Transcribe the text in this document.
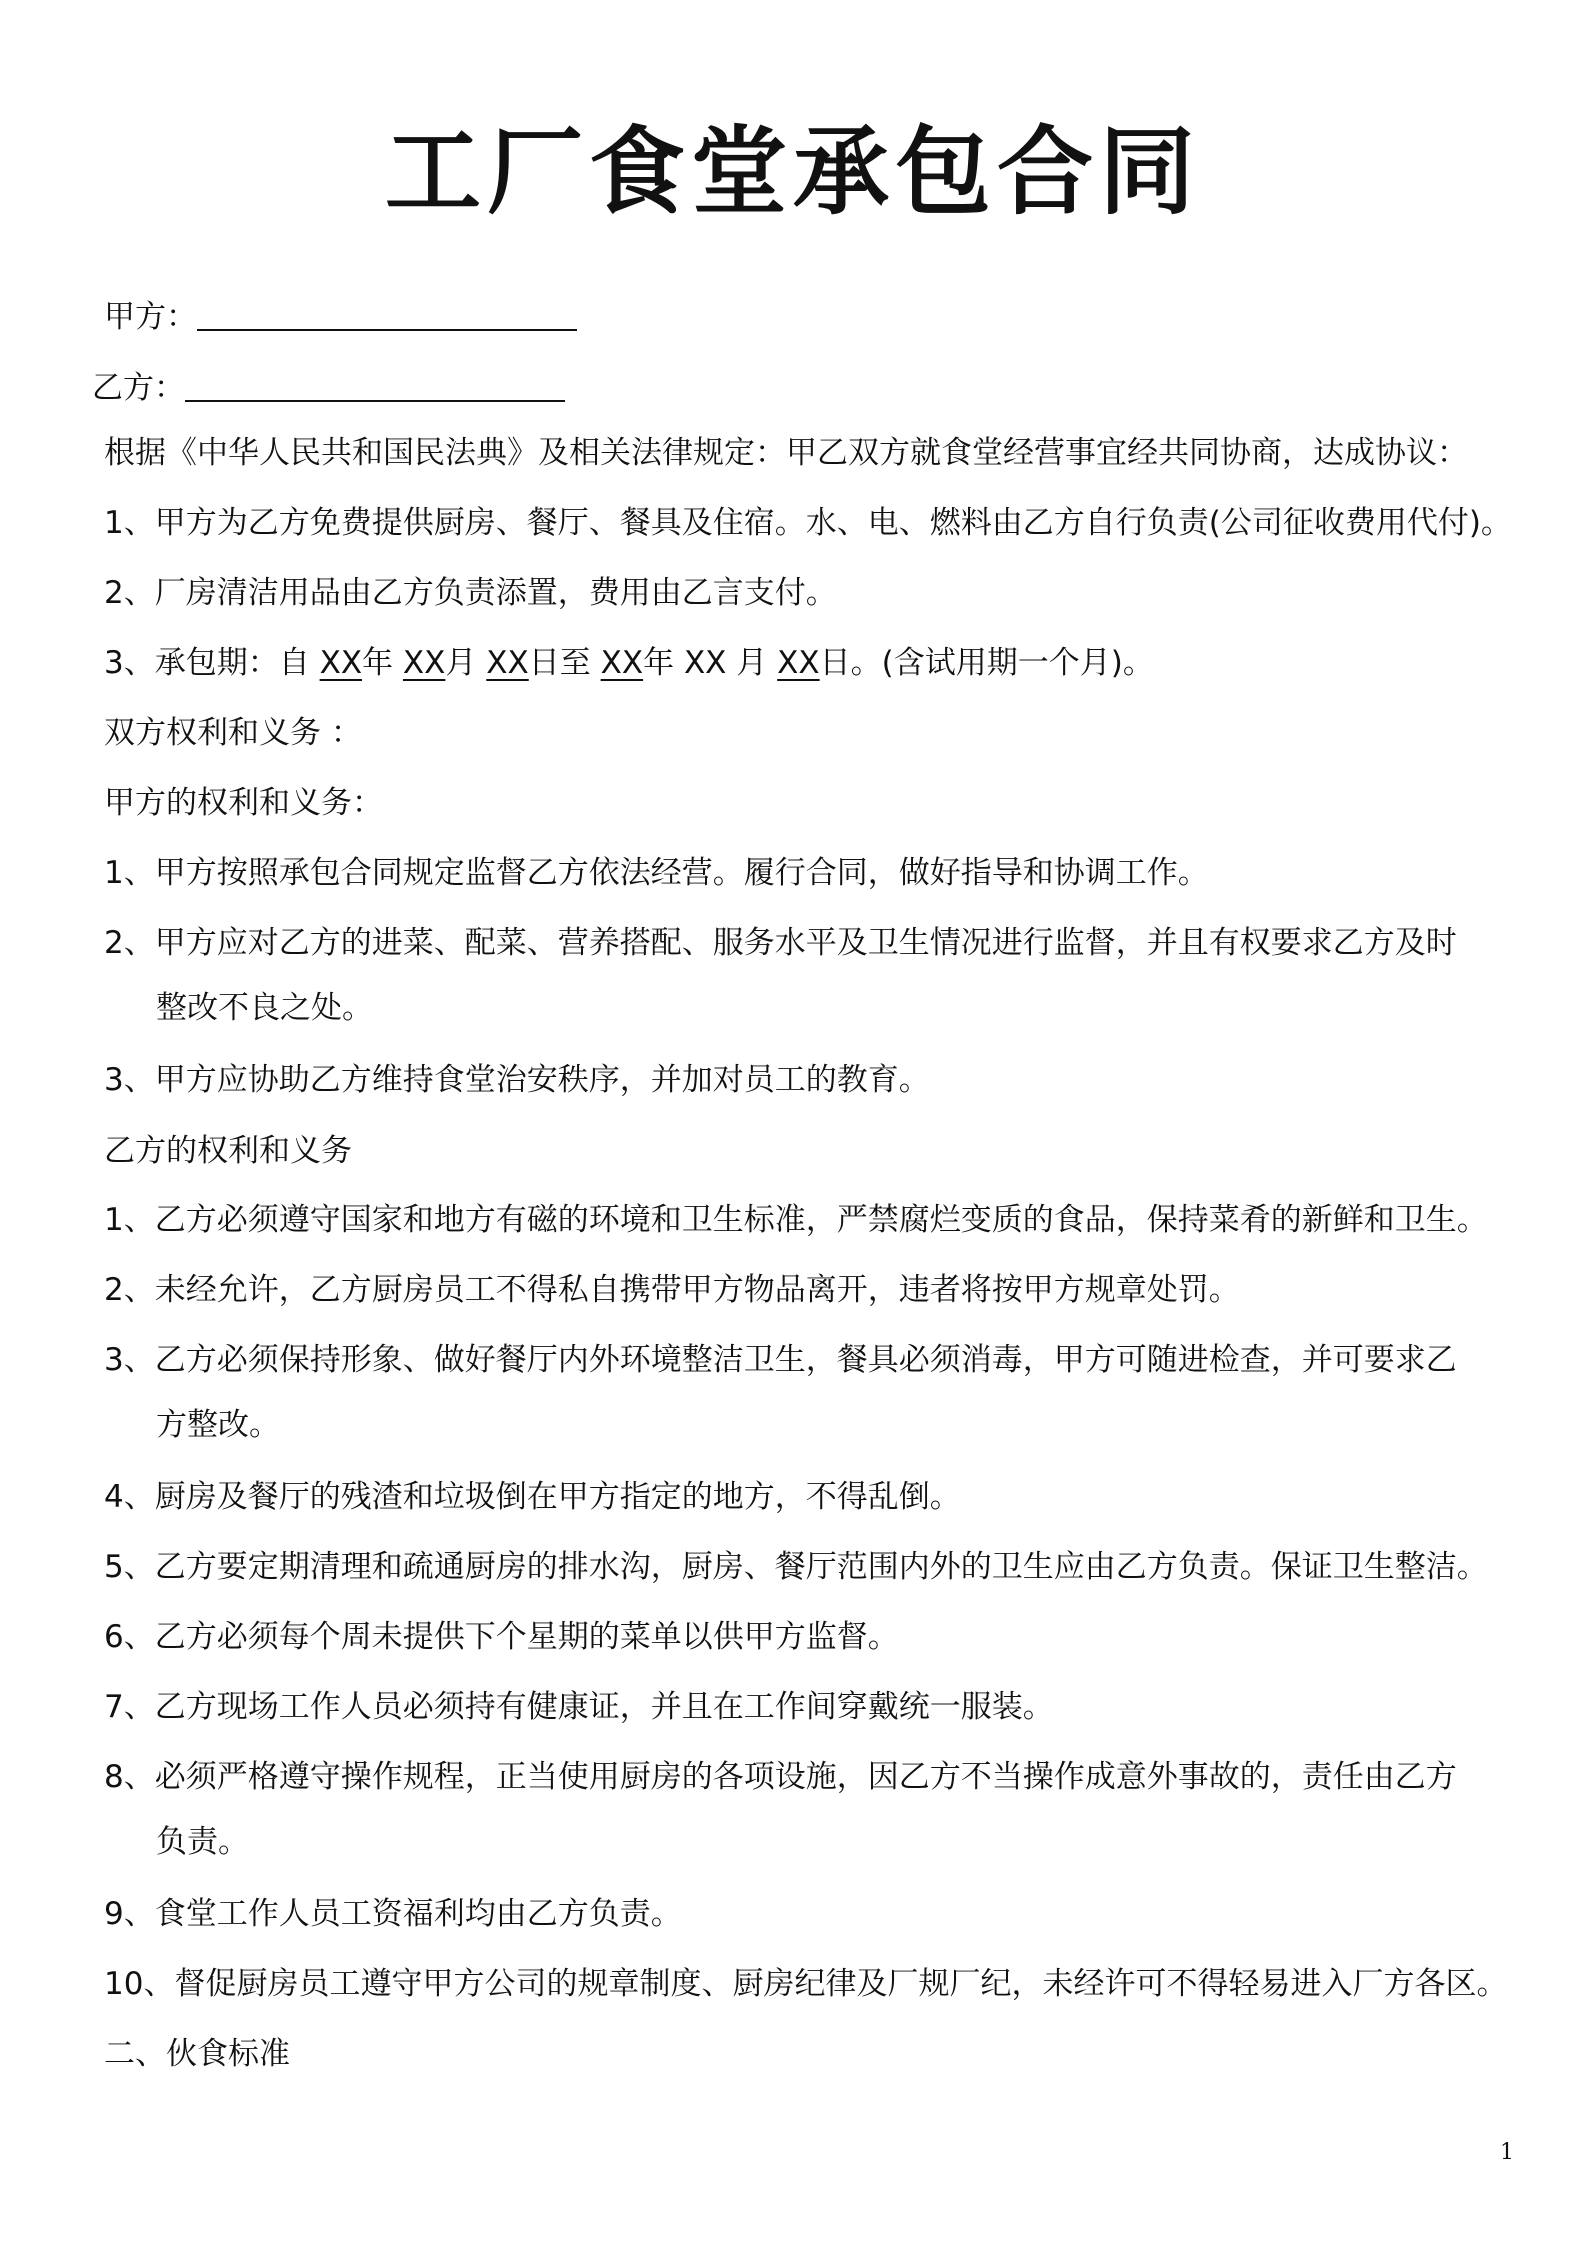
工厂食堂承包合同

甲方：

乙方：

根据《中华人民共和国民法典》及相关法律规定：甲乙双方就食堂经营事宜经共同协商，达成协议：

1、甲方为乙方免费提供厨房、餐厅、餐具及住宿。水、电、燃料由乙方自行负责(公司征收费用代付)。

2、厂房清洁用品由乙方负责添置，费用由乙言支付。

3、承包期：自 XX年 XX月 XX日至 XX年 XX 月 XX日。(含试用期一个月)。

双方权利和义务 ：

甲方的权利和义务：

1、甲方按照承包合同规定监督乙方依法经营。履行合同，做好指导和协调工作。

2、甲方应对乙方的进菜、配菜、营养搭配、服务水平及卫生情况进行监督，并且有权要求乙方及时

整改不良之处。

3、甲方应协助乙方维持食堂治安秩序，并加对员工的教育。

乙方的权利和义务

1、乙方必须遵守国家和地方有磁的环境和卫生标准，严禁腐烂变质的食品，保持菜肴的新鲜和卫生。

2、未经允许，乙方厨房员工不得私自携带甲方物品离开，违者将按甲方规章处罚。

3、乙方必须保持形象、做好餐厅内外环境整洁卫生，餐具必须消毒，甲方可随进检查，并可要求乙

方整改。

4、厨房及餐厅的残渣和垃圾倒在甲方指定的地方，不得乱倒。

5、乙方要定期清理和疏通厨房的排水沟，厨房、餐厅范围内外的卫生应由乙方负责。保证卫生整洁。

6、乙方必须每个周未提供下个星期的菜单以供甲方监督。

7、乙方现场工作人员必须持有健康证，并且在工作间穿戴统一服装。

8、必须严格遵守操作规程，正当使用厨房的各项设施，因乙方不当操作成意外事故的，责任由乙方

负责。

9、食堂工作人员工资福利均由乙方负责。

10、督促厨房员工遵守甲方公司的规章制度、厨房纪律及厂规厂纪，未经许可不得轻易进入厂方各区。

二、伙食标准

1
